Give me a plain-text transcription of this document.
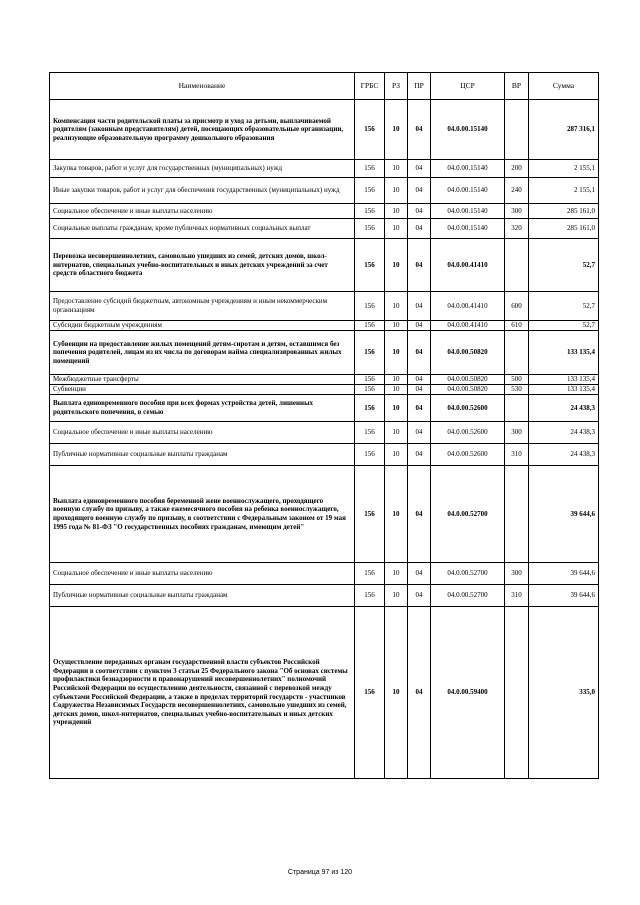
Наименование	ГРБС	РЗ	ПР	ЦСР	ВР	Сумма
Компенсация части родительской платы за присмотр и уход за детьми, выплачиваемой родителям (законным представителям) детей, посещающих образовательные организации, реализующие образовательную программу дошкольного образования	156	10	04	04.0.00.15140		287 316,1
Закупка товаров, работ и услуг для государственных (муниципальных) нужд	156	10	04	04.0.00.15140	200	2 155,1
Иные закупки товаров, работ и услуг для обеспечения государственных (муниципальных) нужд	156	10	04	04.0.00.15140	240	2 155,1
Социальное обеспечение и иные выплаты населению	156	10	04	04.0.00.15140	300	285 161,0
Социальные выплаты гражданам, кроме публичных нормативных социальных выплат	156	10	04	04.0.00.15140	320	285 161,0
Перевозка несовершеннолетних, самовольно ушедших из семей, детских домов, школ-интернатов, специальных учебно-воспитательных и иных детских учреждений за счет средств областного бюджета	156	10	04	04.0.00.41410		52,7
Предоставление субсидий бюджетным, автономным учреждениям и иным некоммерческим организациям	156	10	04	04.0.00.41410	600	52,7
Субсидии бюджетным учреждениям	156	10	04	04.0.00.41410	610	52,7
Субвенции на предоставление жилых помещений детям-сиротам и детям, оставшимся без попечения родителей, лицам из их числа по договорам найма специализированных жилых помещений	156	10	04	04.0.00.50820		133 135,4
Межбюджетные трансферты	156	10	04	04.0.00.50820	500	133 135,4
Субвенции	156	10	04	04.0.00.50820	530	133 135,4
Выплата единовременного пособия при всех формах устройства детей, лишенных родительского попечения, в семью	156	10	04	04.0.00.52600		24 438,3
Социальное обеспечение и иные выплаты населению	156	10	04	04.0.00.52600	300	24 438,3
Публичные нормативные социальные выплаты гражданам	156	10	04	04.0.00.52600	310	24 438,3
Выплата единовременного пособия беременной жене военнослужащего, проходящего военную службу по призыву, а также ежемесячного пособия на ребенка военнослужащего, проходящего военную службу по призыву, в соответствии с Федеральным законом от 19 мая 1995 года № 81-ФЗ "О государственных пособиях гражданам, имеющим детей"	156	10	04	04.0.00.52700		39 644,6
Социальное обеспечение и иные выплаты населению	156	10	04	04.0.00.52700	300	39 644,6
Публичные нормативные социальные выплаты гражданам	156	10	04	04.0.00.52700	310	39 644,6
Осуществление переданных органам государственной власти субъектов Российской Федерации в соответствии с пунктом 3 статьи 25 Федерального закона "Об основах системы профилактики безнадзорности и правонарушений несовершеннолетних" полномочий Российской Федерации по осуществлению деятельности, связанной с перевозкой между субъектами Российской Федерации, а также в пределах территорий государств - участников Содружества Независимых Государств несовершеннолетних, самовольно ушедших из семей, детских домов, школ-интернатов, специальных учебно-воспитательных и иных детских учреждений	156	10	04	04.0.00.59400		335,0
Страница 97 из 120
